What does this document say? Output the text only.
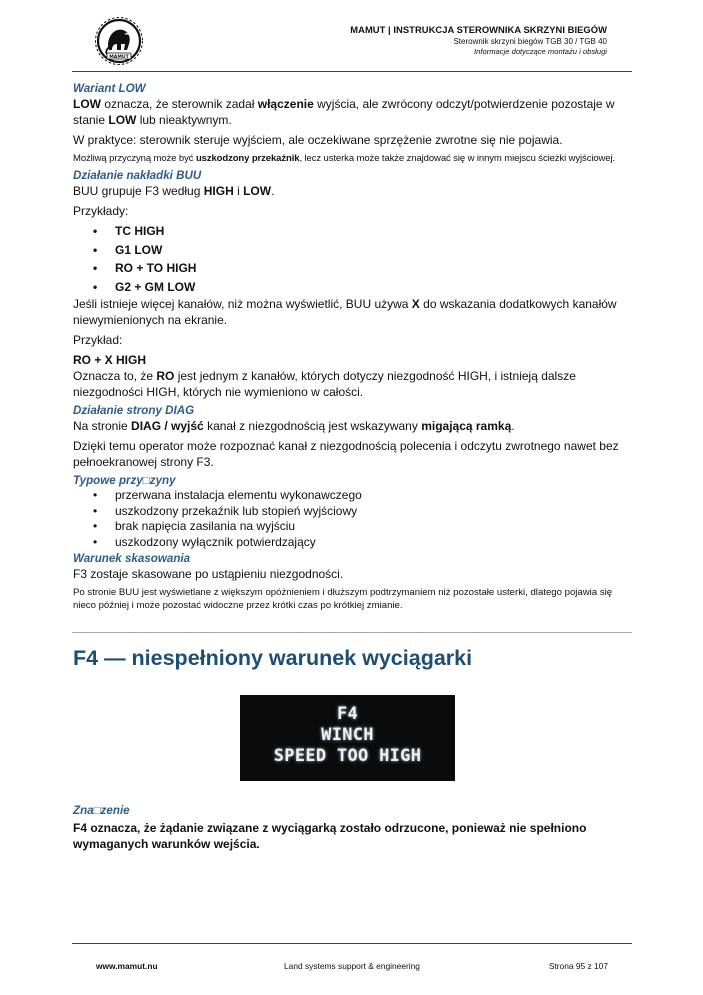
MAMUT
MAMUT | INSTRUKCJA STEROWNIKA SKRZYNI BIEGÓW
Sterownik skrzyni biegów TGB 30 / TGB 40
Informacje dotyczące montażu i obsługi
Wariant LOW
LOW oznacza, że sterownik zadał włączenie wyjścia, ale zwrócony odczyt/potwierdzenie pozostaje w stanie LOW lub nieaktywnym.
W praktyce: sterownik steruje wyjściem, ale oczekiwane sprzężenie zwrotne się nie pojawia.
Możliwą przyczyną może być uszkodzony przekaźnik, lecz usterka może także znajdować się w innym miejscu ścieżki wyjściowej.
Działanie nakładki BUU
BUU grupuje F3 według HIGH i LOW.
Przykłady:
• TC HIGH
• G1 LOW
• RO + TO HIGH
• G2 + GM LOW
Jeśli istnieje więcej kanałów, niż można wyświetlić, BUU używa X do wskazania dodatkowych kanałów niewymienionych na ekranie.
Przykład:
RO + X HIGH
Oznacza to, że RO jest jednym z kanałów, których dotyczy niezgodność HIGH, i istnieją dalsze niezgodności HIGH, których nie wymieniono w całości.
Działanie strony DIAG
Na stronie DIAG / wyjść kanał z niezgodnością jest wskazywany migającą ramką.
Dzięki temu operator może rozpoznać kanał z niezgodnością polecenia i odczytu zwrotnego nawet bez pełnoekranowej strony F3.
Typowe przy□zyny
• przerwana instalacja elementu wykonawczego
• uszkodzony przekaźnik lub stopień wyjściowy
• brak napięcia zasilania na wyjściu
• uszkodzony wyłącznik potwierdzający
Warunek skasowania
F3 zostaje skasowane po ustąpieniu niezgodności.
Po stronie BUU jest wyświetlane z większym opóźnieniem i dłuższym podtrzymaniem niż pozostałe usterki, dlatego pojawia się nieco później i może pozostać widoczne przez krótki czas po krótkiej zmianie.
F4 — niespełniony warunek wyciągarki
F4
WINCH
SPEED TOO HIGH
Zna□zenie
F4 oznacza, że żądanie związane z wyciągarką zostało odrzucone, ponieważ nie spełniono wymaganych warunków wejścia.
www.mamut.nu	Land systems support & engineering	Strona 95 z 107
